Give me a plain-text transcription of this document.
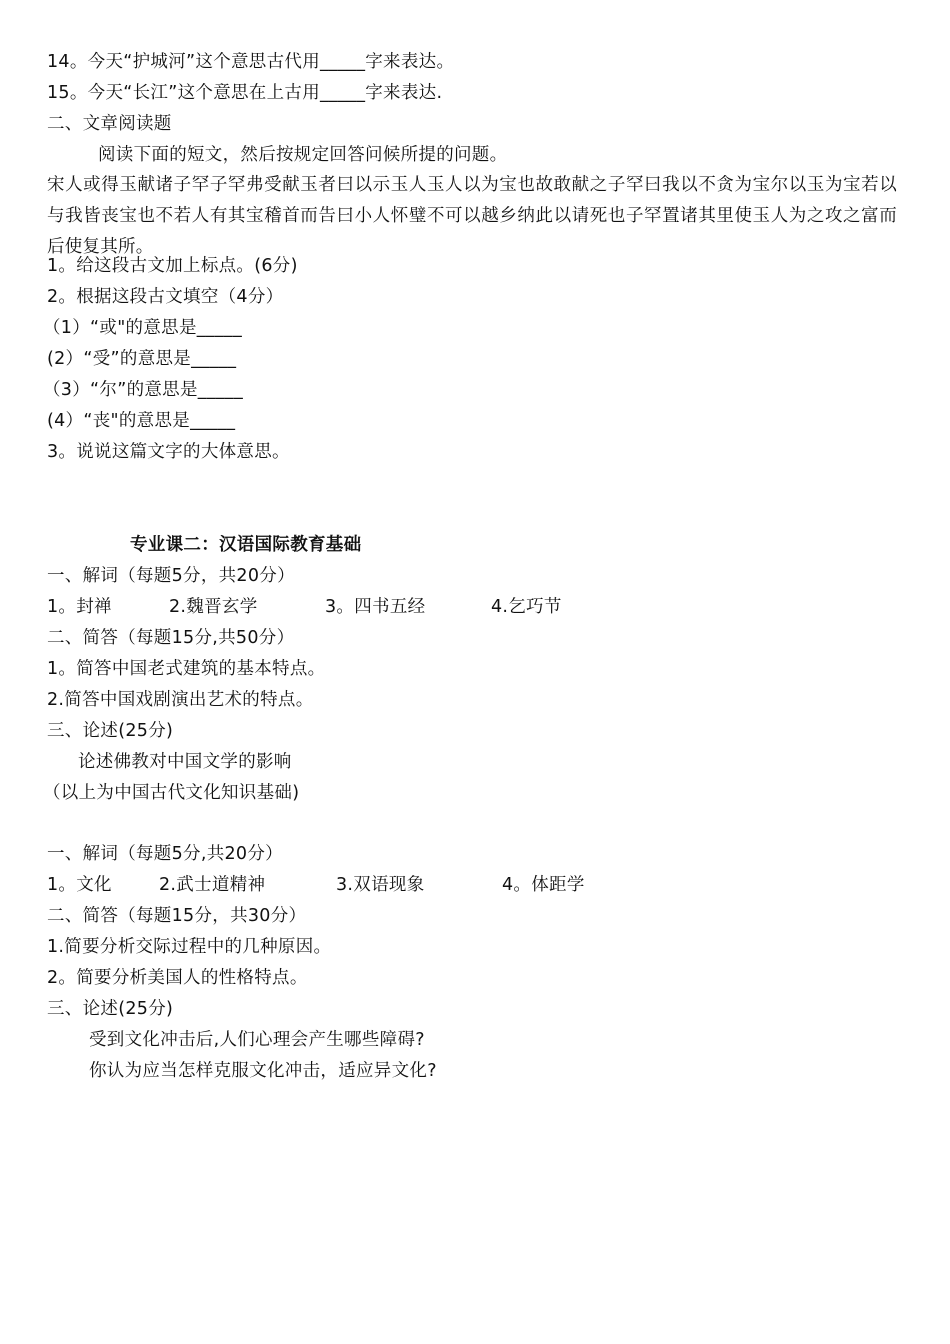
14。今天“护城河”这个意思古代用_____字来表达。
15。今天“长江”这个意思在上古用_____字来表达.
二、文章阅读题
阅读下面的短文，然后按规定回答问候所提的问题。
宋人或得玉献诸子罕子罕弗受献玉者曰以示玉人玉人以为宝也故敢献之子罕曰我以不贪为宝尔以玉为宝若以与我皆丧宝也不若人有其宝稽首而告曰小人怀璧不可以越乡纳此以请死也子罕置诸其里使玉人为之攻之富而后使复其所。
1。给这段古文加上标点。(6分)
2。根据这段古文填空（4分）
（1）“或"的意思是_____
(2）“受”的意思是_____
（3）“尔”的意思是_____
(4）“丧"的意思是_____
3。说说这篇文字的大体意思。
专业课二：汉语国际教育基础
一、解词（每题5分，共20分）
1。封禅	2.魏晋玄学	3。四书五经	4.乞巧节
二、简答（每题15分,共50分）
1。简答中国老式建筑的基本特点。
2.简答中国戏剧演出艺术的特点。
三、论述(25分)
论述佛教对中国文学的影响
（以上为中国古代文化知识基础)
一、解词（每题5分,共20分）
1。文化	2.武士道精神	3.双语现象	4。体距学
二、简答（每题15分，共30分）
1.简要分析交际过程中的几种原因。
2。简要分析美国人的性格特点。
三、论述(25分)
受到文化冲击后,人们心理会产生哪些障碍?
你认为应当怎样克服文化冲击，适应异文化?
